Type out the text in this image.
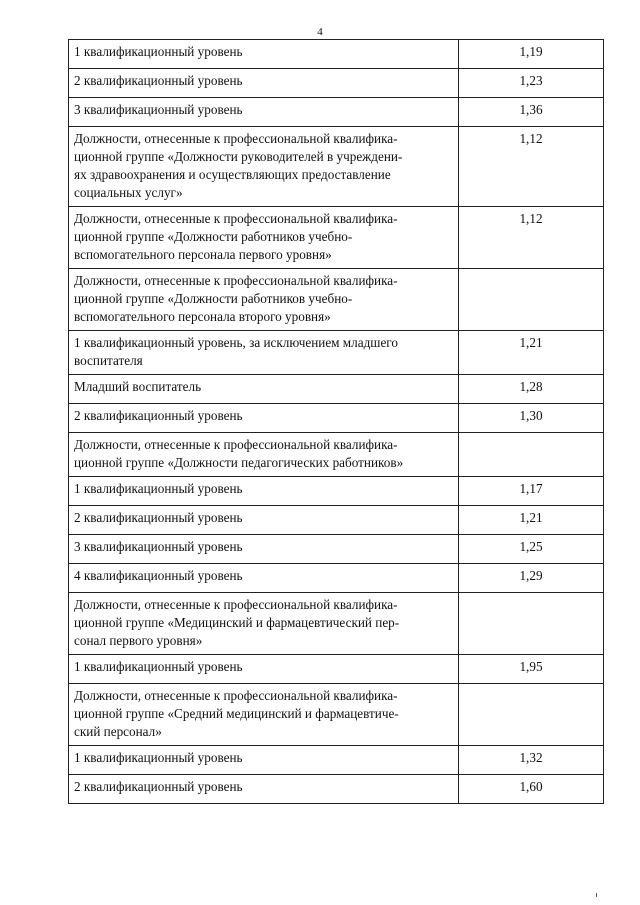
4
1 квалификационный уровень	1,19

2 квалификационный уровень	1,23

3 квалификационный уровень	1,36

Должности, отнесенные к профессиональной квалифика-
ционной группе «Должности руководителей в учреждени-
ях здравоохранения и осуществляющих предоставление
социальных услуг»	1,12

Должности, отнесенные к профессиональной квалифика-
ционной группе «Должности работников учебно-
вспомогательного персонала первого уровня»	1,12

Должности, отнесенные к профессиональной квалифика-
ционной группе «Должности работников учебно-
вспомогательного персонала второго уровня»	

1 квалификационный уровень, за исключением младшего
воспитателя	1,21

Младший воспитатель	1,28

2 квалификационный уровень	1,30

Должности, отнесенные к профессиональной квалифика-
ционной группе «Должности педагогических работников»	

1 квалификационный уровень	1,17

2 квалификационный уровень	1,21

3 квалификационный уровень	1,25

4 квалификационный уровень	1,29

Должности, отнесенные к профессиональной квалифика-
ционной группе «Медицинский и фармацевтический пер-
сонал первого уровня»	

1 квалификационный уровень	1,95

Должности, отнесенные к профессиональной квалифика-
ционной группе «Средний медицинский и фармацевтиче-
ский персонал»	

1 квалификационный уровень	1,32

2 квалификационный уровень	1,60
